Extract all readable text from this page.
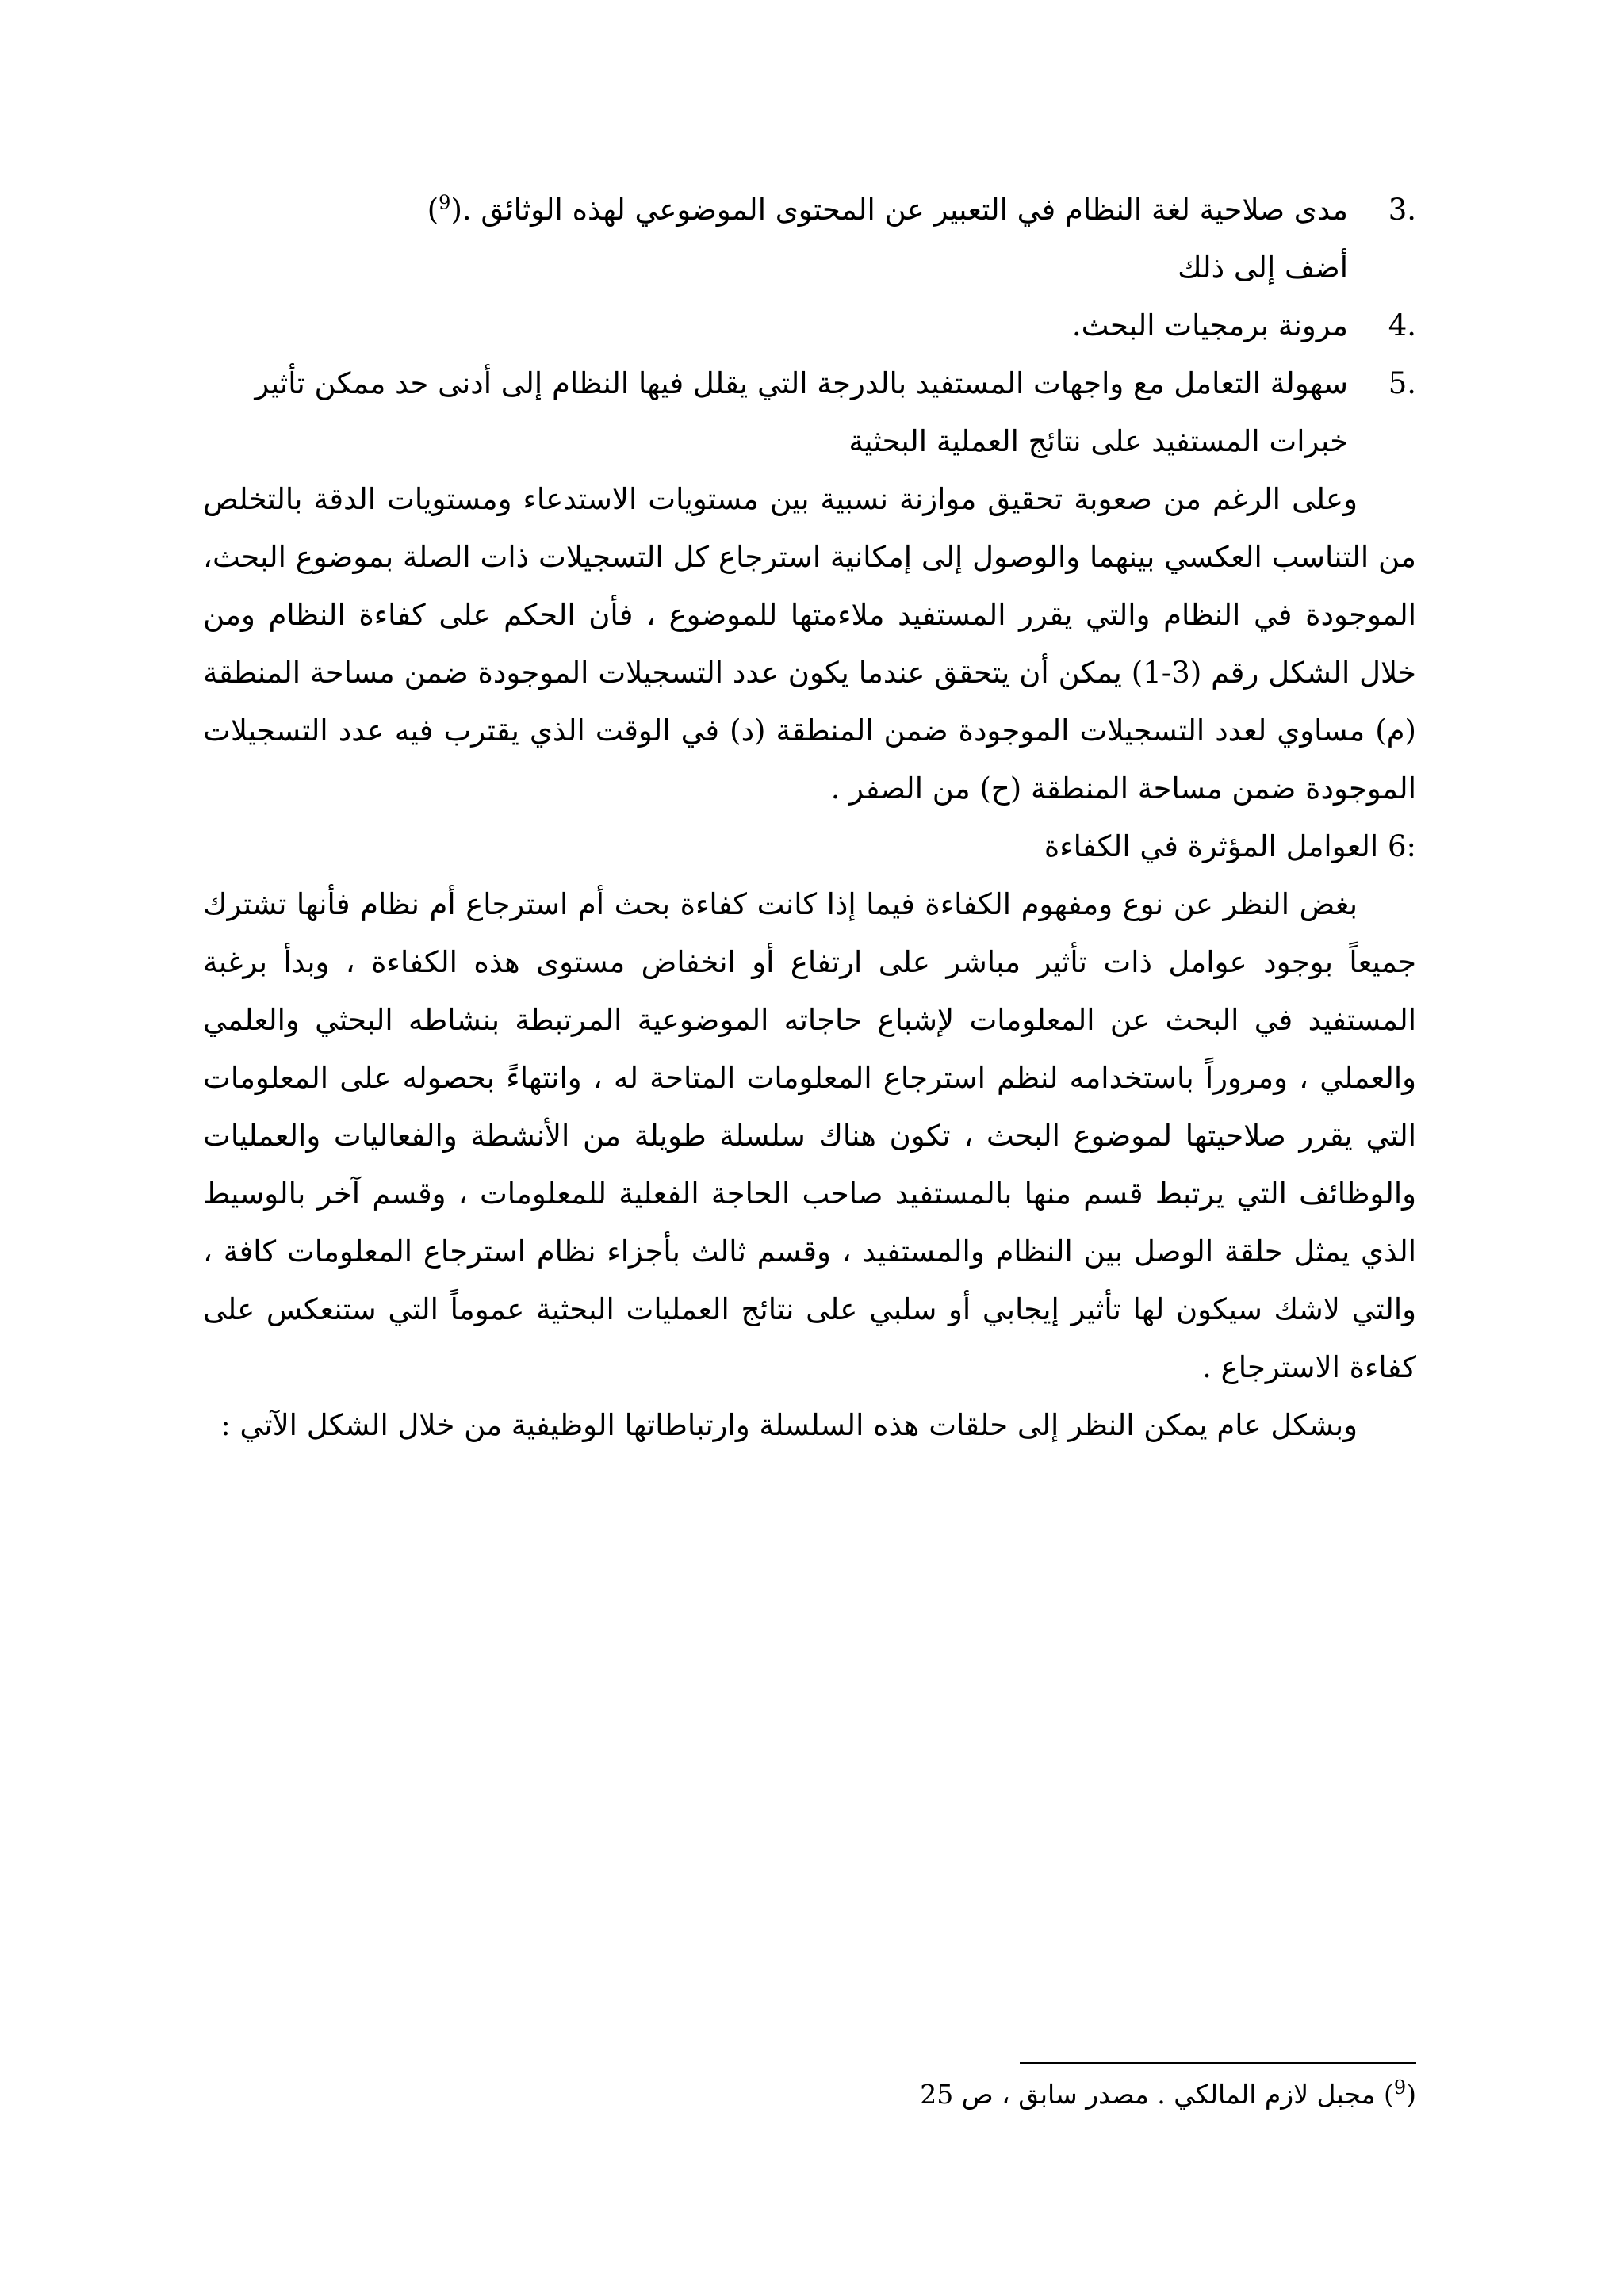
3.
مدى صلاحية لغة النظام في التعبير عن المحتوى الموضوعي لهذه الوثائق ($^9$).
أضف إلى ذلك
4.
مرونة برمجيات البحث.
5.
سهولة التعامل مع واجهات المستفيد بالدرجة التي يقلل فيها النظام إلى أدنى حد ممكن تأثير خبرات المستفيد على نتائج العملية البحثية

وعلى الرغم من صعوبة تحقيق موازنة نسبية بين مستويات الاستدعاء ومستويات الدقة بالتخلص من التناسب العكسي بينهما والوصول إلى إمكانية استرجاع كل التسجيلات ذات الصلة بموضوع البحث، الموجودة في النظام والتي يقرر المستفيد ملاءمتها للموضوع ، فأن الحكم على كفاءة النظام ومن خلال الشكل رقم (3-1) يمكن أن يتحقق عندما يكون عدد التسجيلات الموجودة ضمن مساحة المنطقة (م) مساوي لعدد التسجيلات الموجودة ضمن المنطقة (د) في الوقت الذي يقترب فيه عدد التسجيلات الموجودة ضمن مساحة المنطقة (ح) من الصفر .

6: العوامل المؤثرة في الكفاءة

بغض النظر عن نوع ومفهوم الكفاءة فيما إذا كانت كفاءة بحث أم استرجاع أم نظام فأنها تشترك جميعاً بوجود عوامل ذات تأثير مباشر على ارتفاع أو انخفاض مستوى هذه الكفاءة ، وبدأ برغبة المستفيد في البحث عن المعلومات لإشباع حاجاته الموضوعية المرتبطة بنشاطه البحثي والعلمي والعملي ، ومروراً باستخدامه لنظم استرجاع المعلومات المتاحة له ، وانتهاءً بحصوله على المعلومات التي يقرر صلاحيتها لموضوع البحث ، تكون هناك سلسلة طويلة من الأنشطة والفعاليات والعمليات والوظائف التي يرتبط قسم منها بالمستفيد صاحب الحاجة الفعلية للمعلومات ، وقسم آخر بالوسيط الذي يمثل حلقة الوصل بين النظام والمستفيد ، وقسم ثالث بأجزاء نظام استرجاع المعلومات كافة ، والتي لاشك سيكون لها تأثير إيجابي أو سلبي على نتائج العمليات البحثية عموماً التي ستنعكس على كفاءة الاسترجاع .

وبشكل عام يمكن النظر إلى حلقات هذه السلسلة وارتباطاتها الوظيفية من خلال الشكل الآتي :

($^9$) مجبل لازم المالكي . مصدر سابق ، ص 25
